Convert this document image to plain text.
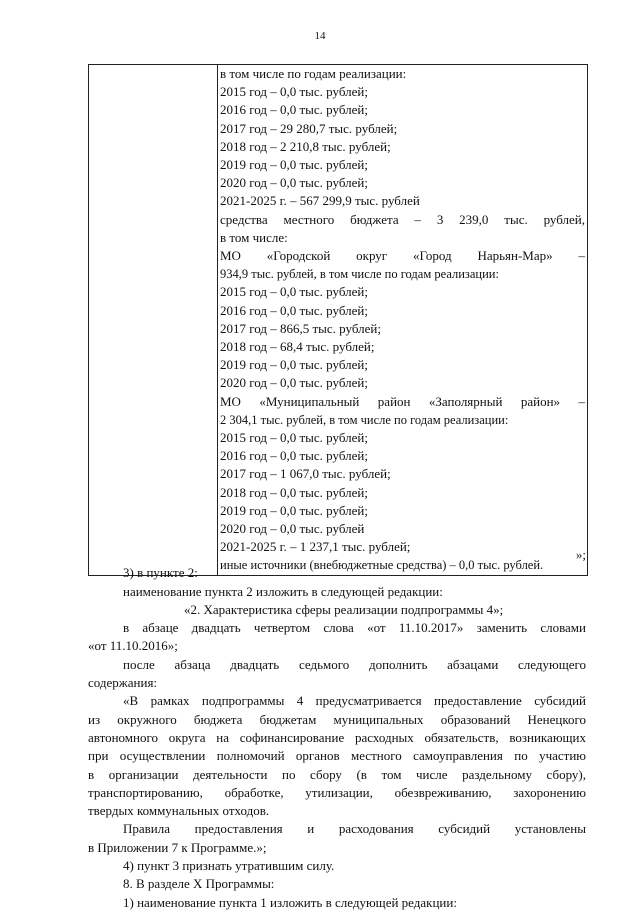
14

в том числе по годам реализации:
2015 год – 0,0 тыс. рублей;
2016 год – 0,0 тыс. рублей;
2017 год – 29 280,7 тыс. рублей;
2018 год – 2 210,8 тыс. рублей;
2019 год – 0,0 тыс. рублей;
2020 год – 0,0 тыс. рублей;
2021-2025 г. – 567 299,9 тыс. рублей
средства местного бюджета – 3 239,0 тыс. рублей,
в том числе:
МО «Городской округ «Город Нарьян-Мар» –
934,9 тыс. рублей, в том числе по годам реализации:
2015 год – 0,0 тыс. рублей;
2016 год – 0,0 тыс. рублей;
2017 год – 866,5 тыс. рублей;
2018 год – 68,4 тыс. рублей;
2019 год – 0,0 тыс. рублей;
2020 год – 0,0 тыс. рублей;
МО «Муниципальный район «Заполярный район» –
2 304,1 тыс. рублей, в том числе по годам реализации:
2015 год – 0,0 тыс. рублей;
2016 год – 0,0 тыс. рублей;
2017 год – 1 067,0 тыс. рублей;
2018 год – 0,0 тыс. рублей;
2019 год – 0,0 тыс. рублей;
2020 год – 0,0 тыс. рублей
2021-2025 г. – 1 237,1 тыс. рублей;
иные источники (внебюджетные средства) – 0,0 тыс. рублей.
»;
3) в пункте 2:
наименование пункта 2 изложить в следующей редакции:
«2. Характеристика сферы реализации подпрограммы 4»;
в абзаце двадцать четвертом слова «от 11.10.2017» заменить словами
«от 11.10.2016»;
после абзаца двадцать седьмого дополнить абзацами следующего
содержания:
«В рамках подпрограммы 4 предусматривается предоставление субсидий
из окружного бюджета бюджетам муниципальных образований Ненецкого
автономного округа на софинансирование расходных обязательств, возникающих
при осуществлении полномочий органов местного самоуправления по участию
в организации деятельности по сбору (в том числе раздельному сбору),
транспортированию, обработке, утилизации, обезвреживанию, захоронению
твердых коммунальных отходов.
Правила предоставления и расходования субсидий установлены
в Приложении 7 к Программе.»;
4) пункт 3 признать утратившим силу.
8. В разделе X Программы:
1) наименование пункта 1 изложить в следующей редакции:
